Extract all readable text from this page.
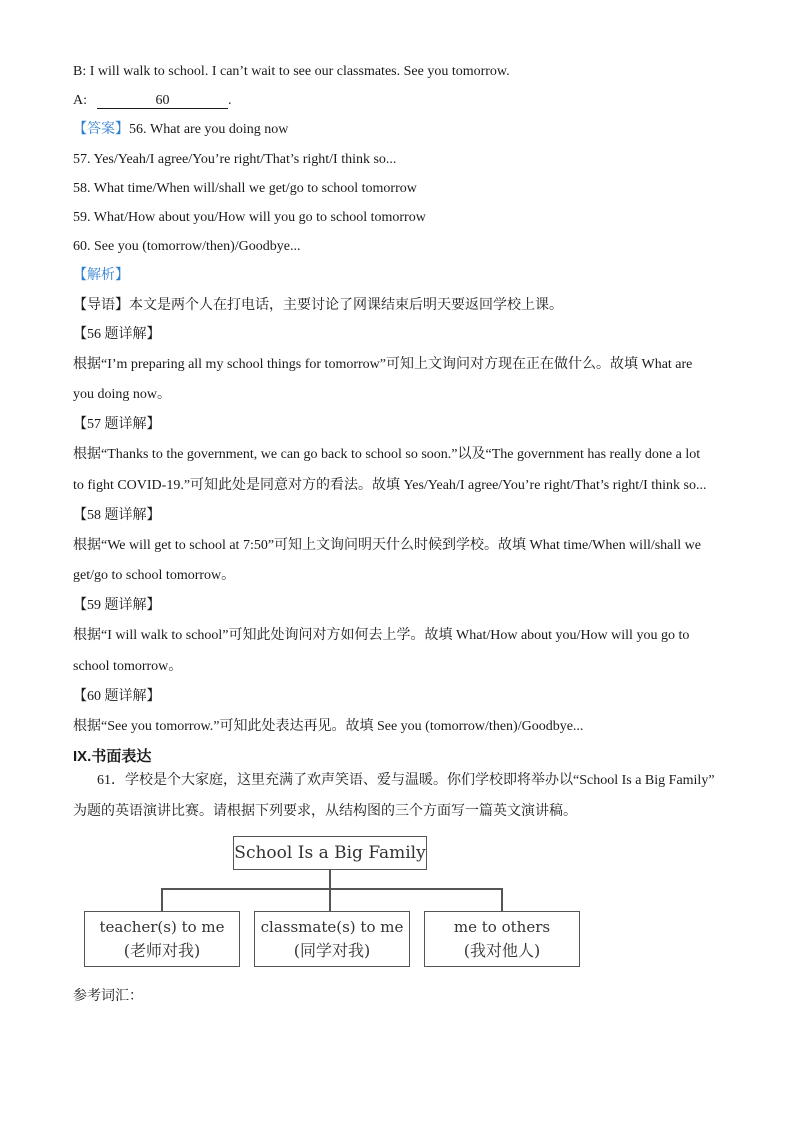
B: I will walk to school. I can’t wait to see our classmates. See you tomorrow.
A:	60	.
【答案】56. What are you doing now
57. Yes/Yeah/I agree/You’re right/That’s right/I think so...
58. What time/When will/shall we get/go to school tomorrow
59. What/How about you/How will you go to school tomorrow
60. See you (tomorrow/then)/Goodbye...
【解析】
【导语】本文是两个人在打电话，主要讨论了网课结束后明天要返回学校上课。
【56 题详解】
根据“I’m preparing all my school things for tomorrow”可知上文询问对方现在正在做什么。故填 What are
you doing now。
【57 题详解】
根据“Thanks to the government, we can go back to school so soon.”以及“The government has really done a lot
to fight COVID-19.”可知此处是同意对方的看法。故填 Yes/Yeah/I agree/You’re right/That’s right/I think so...
【58 题详解】
根据“We will get to school at 7:50”可知上文询问明天什么时候到学校。故填 What time/When will/shall we
get/go to school tomorrow。
【59 题详解】
根据“I will walk to school”可知此处询问对方如何去上学。故填 What/How about you/How will you go to
school tomorrow。
【60 题详解】
根据“See you tomorrow.”可知此处表达再见。故填 See you (tomorrow/then)/Goodbye...
IX.书面表达
61．学校是个大家庭，这里充满了欢声笑语、爱与温暖。你们学校即将举办以“School Is a Big Family”
为题的英语演讲比赛。请根据下列要求，从结构图的三个方面写一篇英文演讲稿。
School Is a Big Family
teacher(s) to me
(老师对我)
classmate(s) to me
(同学对我)
me to others
(我对他人)
参考词汇：
